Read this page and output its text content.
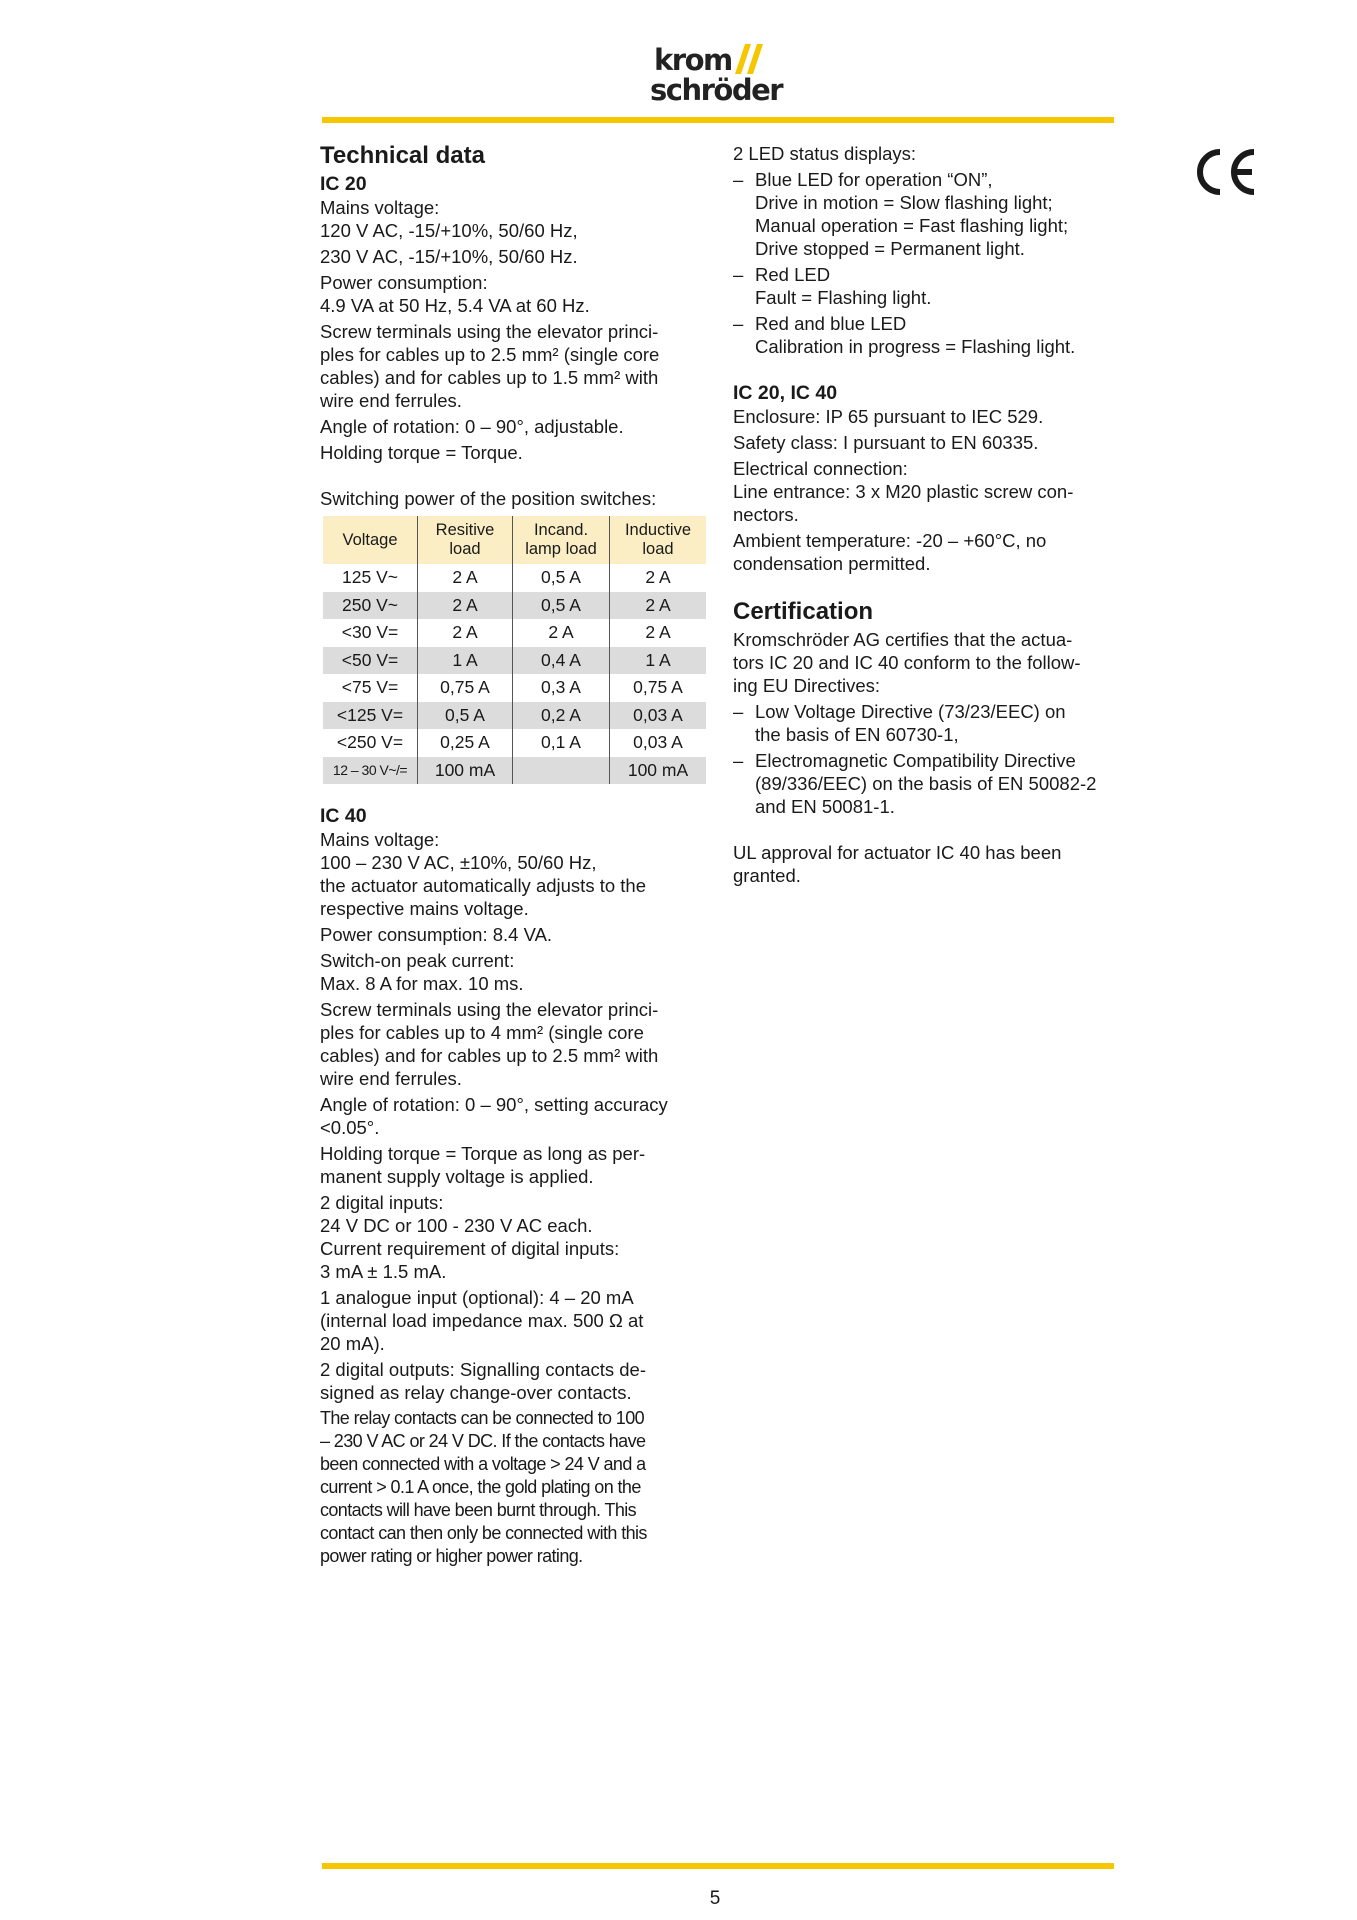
krom
schröder
Technical data
IC 20

Mains voltage:
120 V AC, -15/+10%, 50/60 Hz,

230 V AC, -15/+10%, 50/60 Hz.

Power consumption:
4.9 VA at 50 Hz, 5.4 VA at 60 Hz.

Screw terminals using the elevator princi-
ples for cables up to 2.5 mm² (single core
cables) and for cables up to 1.5 mm² with
wire end ferrules.

Angle of rotation: 0 – 90°, adjustable.

Holding torque = Torque.

Switching power of the position switches:

Voltage	Resitive load	Incand. lamp load	Inductive load
125 V~	2 A	0,5 A	2 A
250 V~	2 A	0,5 A	2 A
<30 V=	2 A	2 A	2 A
<50 V=	1 A	0,4 A	1 A
<75 V=	0,75 A	0,3 A	0,75 A
<125 V=	0,5 A	0,2 A	0,03 A
<250 V=	0,25 A	0,1 A	0,03 A
12 – 30 V~/=	100 mA		100 mA
IC 40

Mains voltage:
100 – 230 V AC, ±10%, 50/60 Hz,
the actuator automatically adjusts to the
respective mains voltage.

Power consumption: 8.4 VA.

Switch-on peak current:
Max. 8 A for max. 10 ms.

Screw terminals using the elevator princi-
ples for cables up to 4 mm² (single core
cables) and for cables up to 2.5 mm² with
wire end ferrules.

Angle of rotation: 0 – 90°, setting accuracy
<0.05°.

Holding torque = Torque as long as per-
manent supply voltage is applied.

2 digital inputs:
24 V DC or 100 - 230 V AC each.
Current requirement of digital inputs:
3 mA ± 1.5 mA.

1 analogue input (optional): 4 – 20 mA
(internal load impedance max. 500 Ω at
20 mA).

2 digital outputs: Signalling contacts de-
signed as relay change-over contacts.

The relay contacts can be connected to 100
– 230 V AC or 24 V DC. If the contacts have
been connected with a voltage > 24 V and a
current > 0.1 A once, the gold plating on the
contacts will have been burnt through. This
contact can then only be connected with this
power rating or higher power rating.

2 LED status displays:

– Blue LED for operation “ON”,
Drive in motion = Slow flashing light;
Manual operation = Fast flashing light;
Drive stopped = Permanent light.
– Red LED
Fault = Flashing light.
– Red and blue LED
Calibration in progress = Flashing light.
IC 20, IC 40

Enclosure: IP 65 pursuant to IEC 529.

Safety class: I pursuant to EN 60335.

Electrical connection:
Line entrance: 3 x M20 plastic screw con-
nectors.

Ambient temperature: -20 – +60°C, no
condensation permitted.

Certification

Kromschröder AG certifies that the actua-
tors IC 20 and IC 40 conform to the follow-
ing EU Directives:

– Low Voltage Directive (73/23/EEC) on
the basis of EN 60730-1,
– Electromagnetic Compatibility Directive
(89/336/EEC) on the basis of EN 50082-2
and EN 50081-1.

UL approval for actuator IC 40 has been
granted.

5
